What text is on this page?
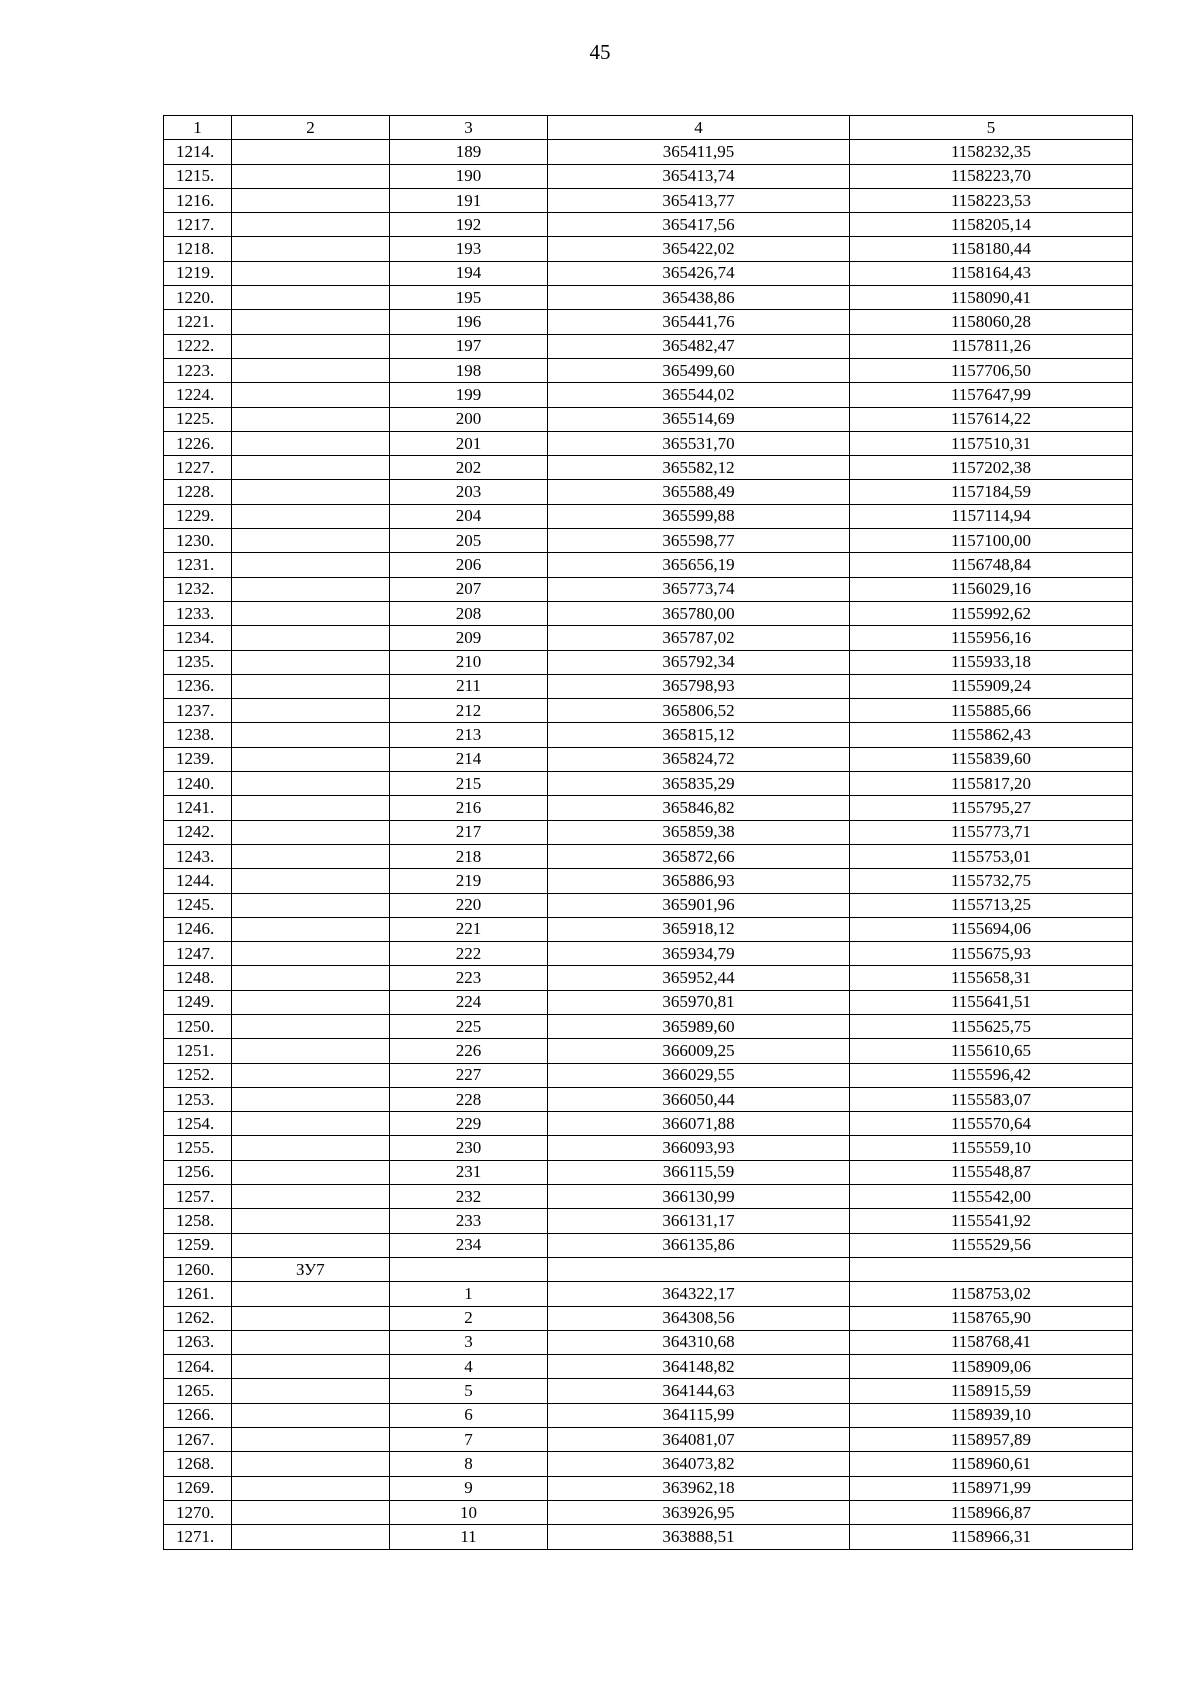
45
1	2	3	4	5
1214.		189	365411,95	1158232,35
1215.		190	365413,74	1158223,70
1216.		191	365413,77	1158223,53
1217.		192	365417,56	1158205,14
1218.		193	365422,02	1158180,44
1219.		194	365426,74	1158164,43
1220.		195	365438,86	1158090,41
1221.		196	365441,76	1158060,28
1222.		197	365482,47	1157811,26
1223.		198	365499,60	1157706,50
1224.		199	365544,02	1157647,99
1225.		200	365514,69	1157614,22
1226.		201	365531,70	1157510,31
1227.		202	365582,12	1157202,38
1228.		203	365588,49	1157184,59
1229.		204	365599,88	1157114,94
1230.		205	365598,77	1157100,00
1231.		206	365656,19	1156748,84
1232.		207	365773,74	1156029,16
1233.		208	365780,00	1155992,62
1234.		209	365787,02	1155956,16
1235.		210	365792,34	1155933,18
1236.		211	365798,93	1155909,24
1237.		212	365806,52	1155885,66
1238.		213	365815,12	1155862,43
1239.		214	365824,72	1155839,60
1240.		215	365835,29	1155817,20
1241.		216	365846,82	1155795,27
1242.		217	365859,38	1155773,71
1243.		218	365872,66	1155753,01
1244.		219	365886,93	1155732,75
1245.		220	365901,96	1155713,25
1246.		221	365918,12	1155694,06
1247.		222	365934,79	1155675,93
1248.		223	365952,44	1155658,31
1249.		224	365970,81	1155641,51
1250.		225	365989,60	1155625,75
1251.		226	366009,25	1155610,65
1252.		227	366029,55	1155596,42
1253.		228	366050,44	1155583,07
1254.		229	366071,88	1155570,64
1255.		230	366093,93	1155559,10
1256.		231	366115,59	1155548,87
1257.		232	366130,99	1155542,00
1258.		233	366131,17	1155541,92
1259.		234	366135,86	1155529,56
1260.	ЗУ7			
1261.		1	364322,17	1158753,02
1262.		2	364308,56	1158765,90
1263.		3	364310,68	1158768,41
1264.		4	364148,82	1158909,06
1265.		5	364144,63	1158915,59
1266.		6	364115,99	1158939,10
1267.		7	364081,07	1158957,89
1268.		8	364073,82	1158960,61
1269.		9	363962,18	1158971,99
1270.		10	363926,95	1158966,87
1271.		11	363888,51	1158966,31
